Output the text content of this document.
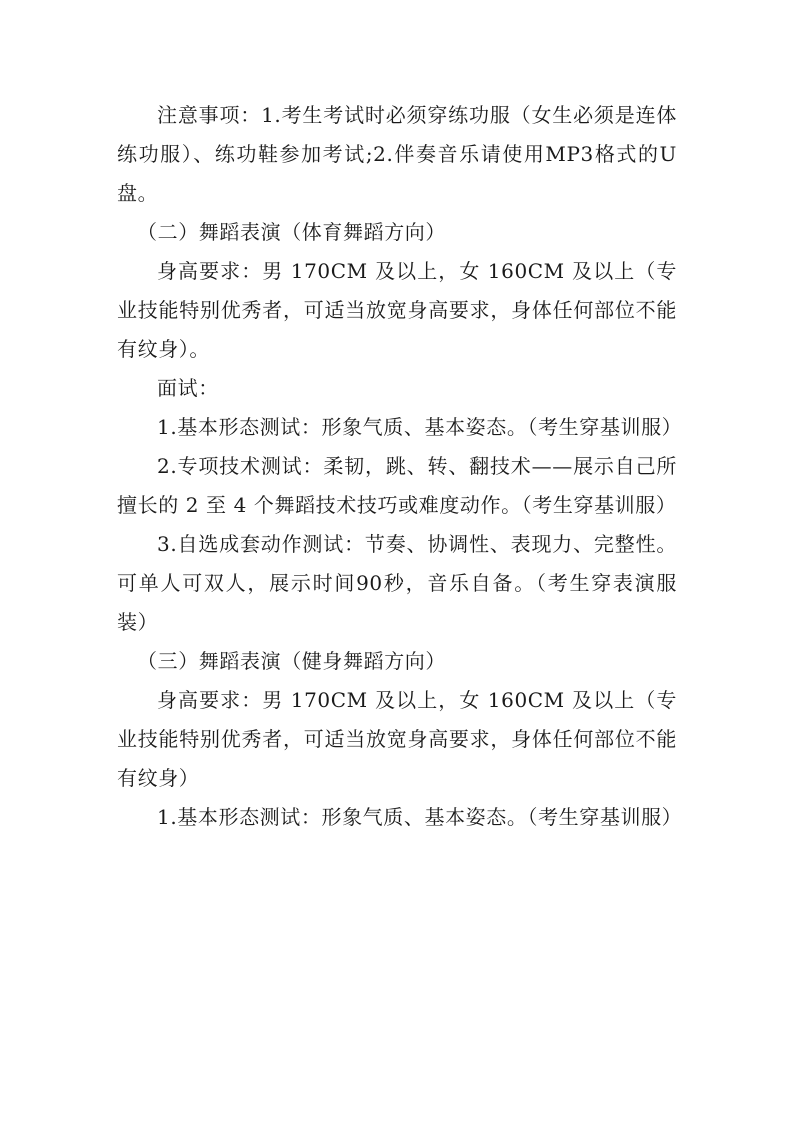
注意事项：1.考生考试时必须穿练功服（女生必须是连体练功服）、练功鞋参加考试;2.伴奏音乐请使用MP3格式的U盘。

（二）舞蹈表演（体育舞蹈方向）

身高要求：男 170CM 及以上，女 160CM 及以上（专业技能特别优秀者，可适当放宽身高要求，身体任何部位不能有纹身）。

面试：

1.基本形态测试：形象气质、基本姿态。（考生穿基训服）

2.专项技术测试：柔韧，跳、转、翻技术——展示自己所擅长的 2 至 4 个舞蹈技术技巧或难度动作。（考生穿基训服）

3.自选成套动作测试：节奏、协调性、表现力、完整性。可单人可双人，展示时间90秒，音乐自备。（考生穿表演服装）

（三）舞蹈表演（健身舞蹈方向）

身高要求：男 170CM 及以上，女 160CM 及以上（专业技能特别优秀者，可适当放宽身高要求，身体任何部位不能有纹身）

1.基本形态测试：形象气质、基本姿态。（考生穿基训服）
